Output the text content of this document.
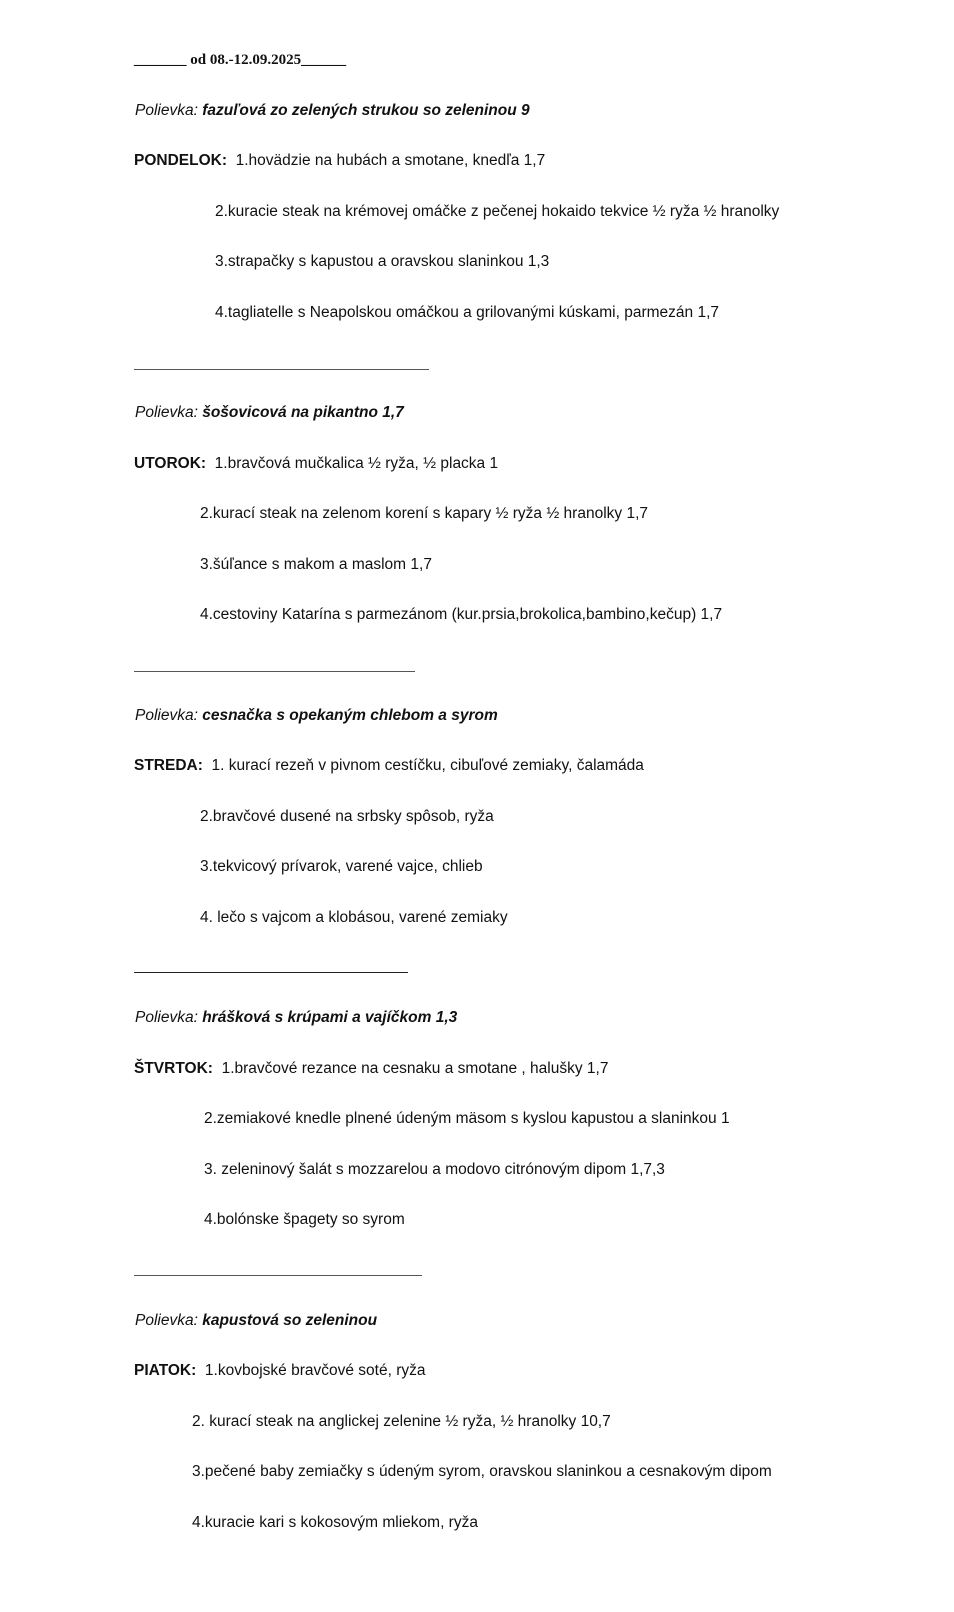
_______ od 08.-12.09.2025______
Polievka: fazuľová zo zelených strukou so zeleninou 9
PONDELOK: 1.hovädzie na hubách a smotane, knedľa 1,7
2.kuracie steak na krémovej omáčke z pečenej hokaido tekvice ½ ryža ½ hranolky
3.strapačky s kapustou a oravskou slaninkou 1,3
4.tagliatelle s Neapolskou omáčkou a grilovanými kúskami, parmezán 1,7
Polievka: šošovicová na pikantno 1,7
UTOROK: 1.bravčová mučkalica ½ ryža, ½ placka 1
2.kurací steak na zelenom korení s kapary ½ ryža ½ hranolky 1,7
3.šúľance s makom a maslom 1,7
4.cestoviny Katarína s parmezánom (kur.prsia,brokolica,bambino,kečup) 1,7
Polievka: cesnačka s opekaným chlebom a syrom
STREDA: 1. kurací rezeň v pivnom cestíčku, cibuľové zemiaky, čalamáda
2.bravčové dusené na srbsky spôsob, ryža
3.tekvicový prívarok, varené vajce, chlieb
4. lečo s vajcom a klobásou, varené zemiaky
Polievka: hrášková s krúpami a vajíčkom 1,3
ŠTVRTOK: 1.bravčové rezance na cesnaku a smotane , halušky 1,7
2.zemiakové knedle plnené údeným mäsom s kyslou kapustou a slaninkou 1
3. zeleninový šalát s mozzarelou a modovo citrónovým dipom 1,7,3
4.bolónske špagety so syrom
Polievka: kapustová so zeleninou
PIATOK: 1.kovbojské bravčové soté, ryža
2. kurací steak na anglickej zelenine ½ ryža, ½ hranolky 10,7
3.pečené baby zemiačky s údeným syrom, oravskou slaninkou a cesnakovým dipom
4.kuracie kari s kokosovým mliekom, ryža
